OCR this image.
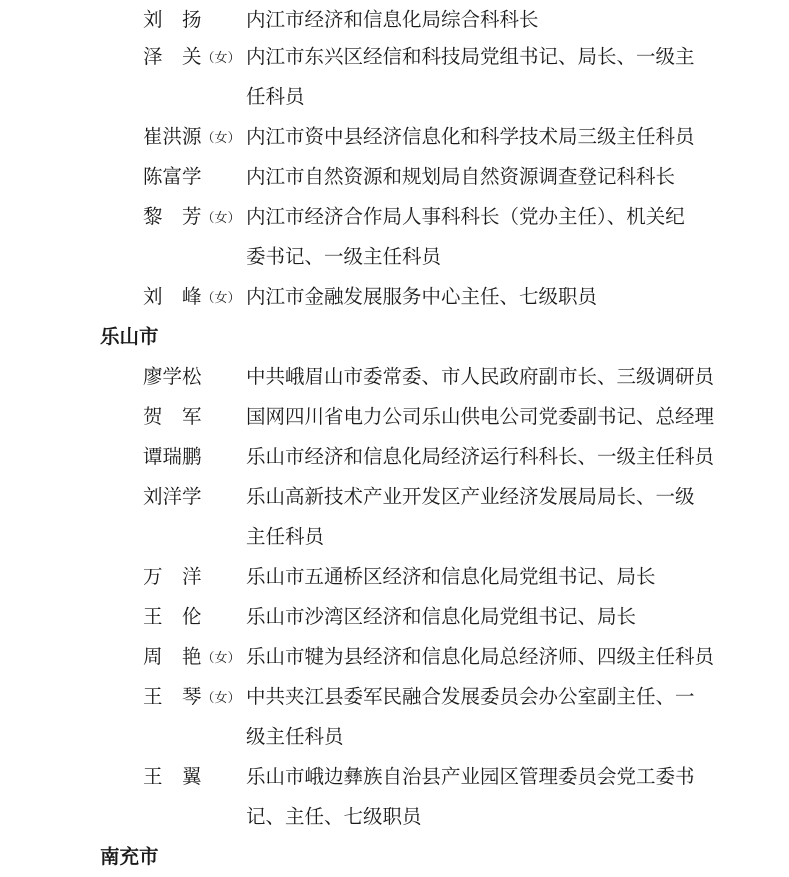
刘　扬	内江市经济和信息化局综合科科长
泽　关（女） 内江市东兴区经信和科技局党组书记、局长、一级主
任科员
崔洪源（女） 内江市资中县经济信息化和科学技术局三级主任科员
陈富学	内江市自然资源和规划局自然资源调查登记科科长
黎　芳（女） 内江市经济合作局人事科科长（党办主任）、机关纪
委书记、一级主任科员
刘　峰（女） 内江市金融发展服务中心主任、七级职员
乐山市
廖学松	中共峨眉山市委常委、市人民政府副市长、三级调研员
贺　军	国网四川省电力公司乐山供电公司党委副书记、总经理
谭瑞鹏	乐山市经济和信息化局经济运行科科长、一级主任科员
刘洋学	乐山高新技术产业开发区产业经济发展局局长、一级
主任科员
万　洋	乐山市五通桥区经济和信息化局党组书记、局长
王　伦	乐山市沙湾区经济和信息化局党组书记、局长
周　艳（女） 乐山市犍为县经济和信息化局总经济师、四级主任科员
王　琴（女） 中共夹江县委军民融合发展委员会办公室副主任、一
级主任科员
王　翼	乐山市峨边彝族自治县产业园区管理委员会党工委书
记、主任、七级职员
南充市
